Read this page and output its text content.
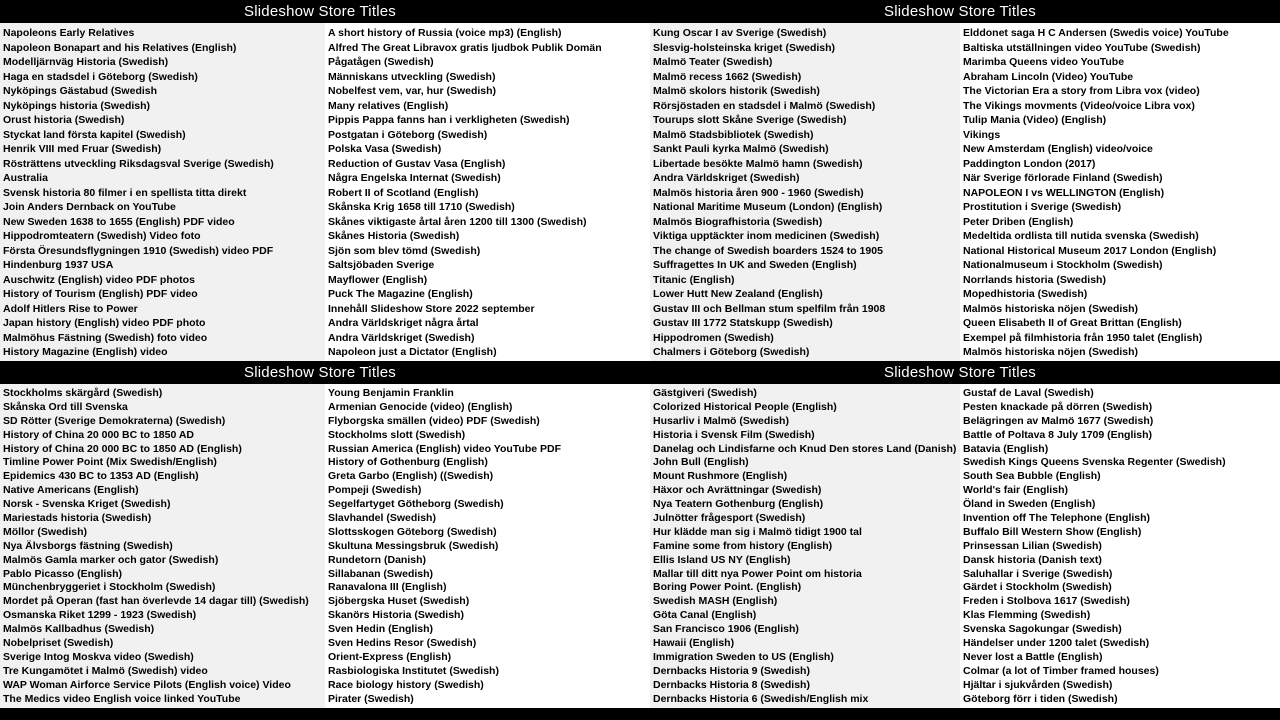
Slideshow Store Titles	Slideshow Store Titles
Napoleons Early Relatives
Napoleon Bonapart and his Relatives (English)
Modelljärnväg Historia (Swedish)
Haga en stadsdel i Göteborg (Swedish)
Nyköpings Gästabud (Swedish
Nyköpings historia (Swedish)
Orust historia (Swedish)
Styckat land första kapitel (Swedish)
Henrik VIII med Fruar (Swedish)
Rösträttens utveckling Riksdagsval Sverige (Swedish)
Australia
Svensk historia 80 filmer i en spellista titta direkt
Join Anders Dernback on YouTube
New Sweden 1638 to 1655 (English) PDF video
Hippodromteatern (Swedish) Video foto
Första Öresundsflygningen 1910 (Swedish) video PDF
Hindenburg 1937 USA
Auschwitz (English) video PDF photos
History of Tourism (English) PDF video
Adolf Hitlers Rise to Power
Japan history (English) video PDF photo
Malmöhus Fästning (Swedish) foto video
History Magazine (English) video
A short history of Russia (voice mp3) (English)
Alfred The Great Libravox gratis ljudbok Publik Domän
Pågatågen (Swedish)
Människans utveckling (Swedish)
Nobelfest vem, var, hur (Swedish)
Many relatives (English)
Pippis Pappa fanns han i verkligheten (Swedish)
Postgatan i Göteborg (Swedish)
Polska Vasa (Swedish)
Reduction of Gustav Vasa (English)
Några Engelska Internat (Swedish)
Robert II of Scotland (English)
Skånska Krig 1658 till 1710 (Swedish)
Skånes viktigaste årtal åren 1200 till 1300 (Swedish)
Skånes Historia (Swedish)
Sjön som blev tömd (Swedish)
Saltsjöbaden Sverige
Mayflower (English)
Puck The Magazine (English)
Innehåll Slideshow Store 2022 september
Andra Världskriget några årtal
Andra Världskriget (Swedish)
Napoleon just a Dictator (English)
Kung Oscar I av Sverige (Swedish)
Slesvig-holsteinska kriget (Swedish)
Malmö Teater (Swedish)
Malmö recess 1662 (Swedish)
Malmö skolors historik (Swedish)
Rörsjöstaden en stadsdel i Malmö (Swedish)
Tourups slott Skåne Sverige (Swedish)
Malmö Stadsbibliotek (Swedish)
Sankt Pauli kyrka Malmö (Swedish)
Libertade besökte Malmö hamn (Swedish)
Andra Världskriget (Swedish)
Malmös historia åren 900 - 1960 (Swedish)
National Maritime Museum (London) (English)
Malmös Biografhistoria (Swedish)
Viktiga upptäckter inom medicinen (Swedish)
The change of Swedish boarders 1524 to 1905
Suffragettes In UK and Sweden (English)
Titanic (English)
Lower Hutt New Zealand (English)
Gustav III och Bellman stum spelfilm från 1908
Gustav III 1772 Statskupp (Swedish)
Hippodromen (Swedish)
Chalmers i Göteborg (Swedish)
Elddonet saga H C Andersen (Swedis voice) YouTube
Baltiska utställningen video YouTube (Swedish)
Marimba Queens video YouTube
Abraham Lincoln (Video) YouTube
The Victorian Era a story from Libra vox (video)
The Vikings movments (Video/voice Libra vox)
Tulip Mania (Video) (English)
Vikings
New Amsterdam (English) video/voice
Paddington London (2017)
När Sverige förlorade Finland (Swedish)
NAPOLEON I vs WELLINGTON (English)
Prostitution i Sverige (Swedish)
Peter Driben (English)
Medeltida ordlista till nutida svenska (Swedish)
National Historical Museum 2017 London (English)
Nationalmuseum i Stockholm (Swedish)
Norrlands historia (Swedish)
Mopedhistoria (Swedish)
Malmös historiska nöjen (Swedish)
Queen Elisabeth II of Great Brittan (English)
Exempel på filmhistoria från 1950 talet (English)
Malmös historiska nöjen (Swedish)
Slideshow Store Titles	Slideshow Store Titles
Stockholms skärgård (Swedish)
Skånska Ord till Svenska
SD Rötter (Sverige Demokraterna) (Swedish)
History of China 20 000 BC to 1850 AD
History of China 20 000 BC to 1850 AD (English)
Timline Power Point (Mix Swedish/English)
Epidemics 430 BC to 1353 AD (English)
Native Americans (English)
Norsk - Svenska Kriget (Swedish)
Mariestads historia (Swedish)
Möllor (Swedish)
Nya Älvsborgs fästning (Swedish)
Malmös Gamla marker och gator (Swedish)
Pablo Picasso (English)
Münchenbryggeriet i Stockholm (Swedish)
Mordet på Operan (fast han överlevde 14 dagar till) (Swedish)
Osmanska Riket 1299 - 1923 (Swedish)
Malmös Kallbadhus (Swedish)
Nobelpriset (Swedish)
Sverige Intog Moskva video (Swedish)
Tre Kungamötet i Malmö (Swedish) video
WAP Woman Airforce Service Pilots (English voice) Video
The Medics video English voice linked YouTube
Young Benjamin Franklin
Armenian Genocide (video) (English)
Flyborgska smällen (video) PDF (Swedish)
Stockholms slott (Swedish)
Russian America (English) video YouTube PDF
History of Gothenburg (English)
Greta Garbo (English) ((Swedish)
Pompeji (Swedish)
Segelfartyget Götheborg (Swedish)
Slavhandel (Swedish)
Slottsskogen Göteborg (Swedish)
Skultuna Messingsbruk (Swedish)
Rundetorn (Danish)
Sillabanan (Swedish)
Ranavalona III (English)
Sjöbergska Huset (Swedish)
Skanörs Historia (Swedish)
Sven Hedin (English)
Sven Hedins Resor (Swedish)
Orient-Express (English)
Rasbiologiska Institutet (Swedish)
Race biology history (Swedish)
Pirater (Swedish)
Gästgiveri (Swedish)
Colorized Historical People (English)
Husarliv i Malmö (Swedish)
Historia i Svensk Film (Swedish)
Danelag och Lindisfarne och Knud Den stores Land (Danish)
John Bull (English)
Mount Rushmore (English)
Häxor och Avrättningar (Swedish)
Nya Teatern Gothenburg (English)
Julnötter frågesport (Swedish)
Hur klädde man sig i Malmö tidigt 1900 tal
Famine some from history (English)
Ellis Island US NY (English)
Mallar till ditt nya Power Point om historia
Boring Power Point. (English)
Swedish MASH (English)
Göta Canal (English)
San Francisco 1906 (English)
Hawaii (English)
Immigration Sweden to US (English)
Dernbacks Historia 9 (Swedish)
Dernbacks Historia 8 (Swedish)
Dernbacks Historia 6 (Swedish/English mix
Gustaf de Laval (Swedish)
Pesten knackade på dörren (Swedish)
Belägringen av Malmö 1677 (Swedish)
Battle of Poltava 8 July 1709 (English)
Batavia (English)
Swedish Kings Queens Svenska Regenter (Swedish)
South Sea Bubble (English)
World's fair (English)
Öland in Sweden (English)
Invention off The Telephone (English)
Buffalo Bill Western Show (English)
Prinsessan Lilian (Swedish)
Dansk historia (Danish text)
Saluhallar i Sverige (Swedish)
Gärdet i Stockholm (Swedish)
Freden i Stolbova 1617 (Swedish)
Klas Flemming (Swedish)
Svenska Sagokungar (Swedish)
Händelser under 1200 talet (Swedish)
Never lost a Battle (English)
Colmar (a lot of Timber framed houses)
Hjältar i sjukvården (Swedish)
Göteborg förr i tiden (Swedish)
